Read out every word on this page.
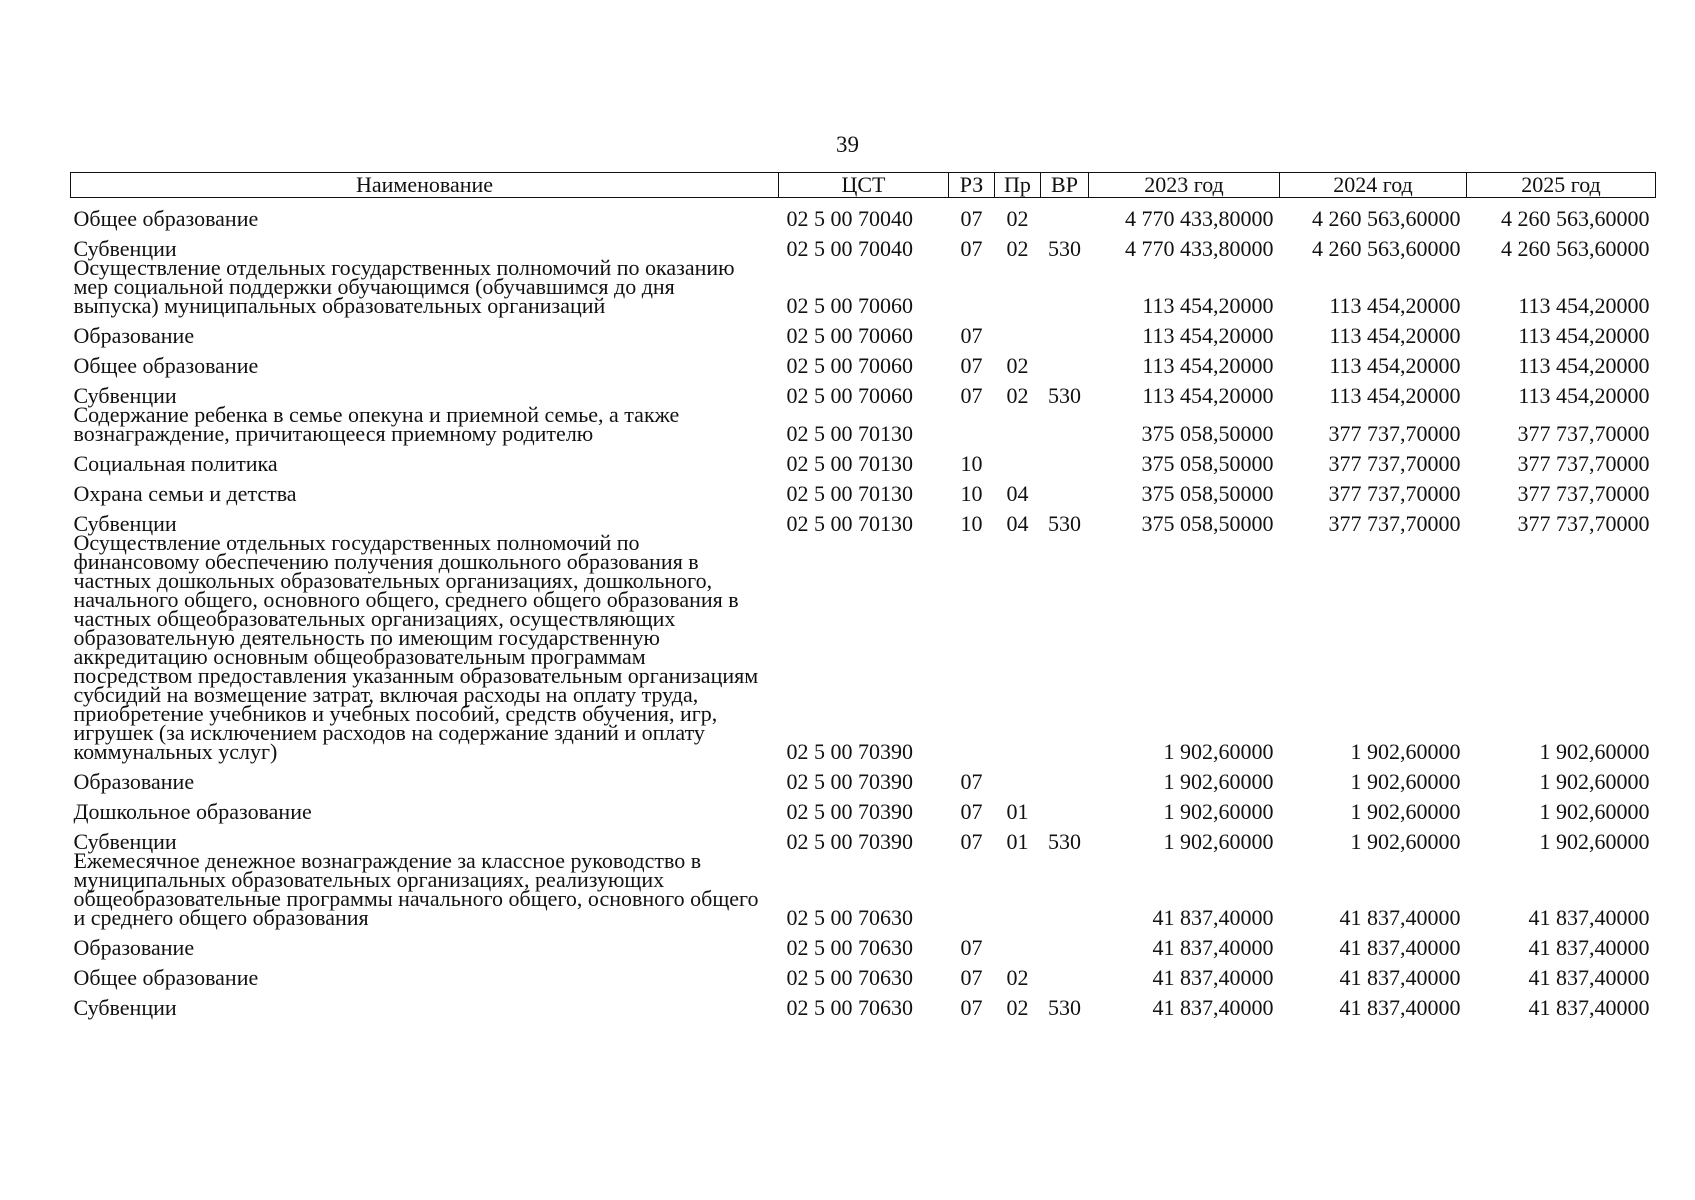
39
Наименование	ЦСТ	РЗ	Пр	ВР	2023 год	2024 год	2025 год
Общее образование	02 5 00 70040	07	02		4 770 433,80000	4 260 563,60000	4 260 563,60000
Субвенции	02 5 00 70040	07	02	530	4 770 433,80000	4 260 563,60000	4 260 563,60000
Осуществление отдельных государственных полномочий по оказанию мер социальной поддержки обучающимся (обучавшимся до дня выпуска) муниципальных образовательных организаций	02 5 00 70060				113 454,20000	113 454,20000	113 454,20000
Образование	02 5 00 70060	07			113 454,20000	113 454,20000	113 454,20000
Общее образование	02 5 00 70060	07	02		113 454,20000	113 454,20000	113 454,20000
Субвенции	02 5 00 70060	07	02	530	113 454,20000	113 454,20000	113 454,20000
Содержание ребенка в семье опекуна и приемной семье, а также вознаграждение, причитающееся приемному родителю	02 5 00 70130				375 058,50000	377 737,70000	377 737,70000
Социальная политика	02 5 00 70130	10			375 058,50000	377 737,70000	377 737,70000
Охрана семьи и детства	02 5 00 70130	10	04		375 058,50000	377 737,70000	377 737,70000
Субвенции	02 5 00 70130	10	04	530	375 058,50000	377 737,70000	377 737,70000
Осуществление отдельных государственных полномочий по финансовому обеспечению получения дошкольного образования в частных дошкольных образовательных организациях, дошкольного, начального общего, основного общего, среднего общего образования в частных общеобразовательных организациях, осуществляющих образовательную деятельность по имеющим государственную аккредитацию основным общеобразовательным программам посредством предоставления указанным образовательным организациям субсидий на возмещение затрат, включая расходы на оплату труда, приобретение учебников и учебных пособий, средств обучения, игр, игрушек (за исключением расходов на содержание зданий и оплату коммунальных услуг)	02 5 00 70390				1 902,60000	1 902,60000	1 902,60000
Образование	02 5 00 70390	07			1 902,60000	1 902,60000	1 902,60000
Дошкольное образование	02 5 00 70390	07	01		1 902,60000	1 902,60000	1 902,60000
Субвенции	02 5 00 70390	07	01	530	1 902,60000	1 902,60000	1 902,60000
Ежемесячное денежное вознаграждение за классное руководство в муниципальных образовательных организациях, реализующих общеобразовательные программы начального общего, основного общего и среднего общего образования	02 5 00 70630				41 837,40000	41 837,40000	41 837,40000
Образование	02 5 00 70630	07			41 837,40000	41 837,40000	41 837,40000
Общее образование	02 5 00 70630	07	02		41 837,40000	41 837,40000	41 837,40000
Субвенции	02 5 00 70630	07	02	530	41 837,40000	41 837,40000	41 837,40000
